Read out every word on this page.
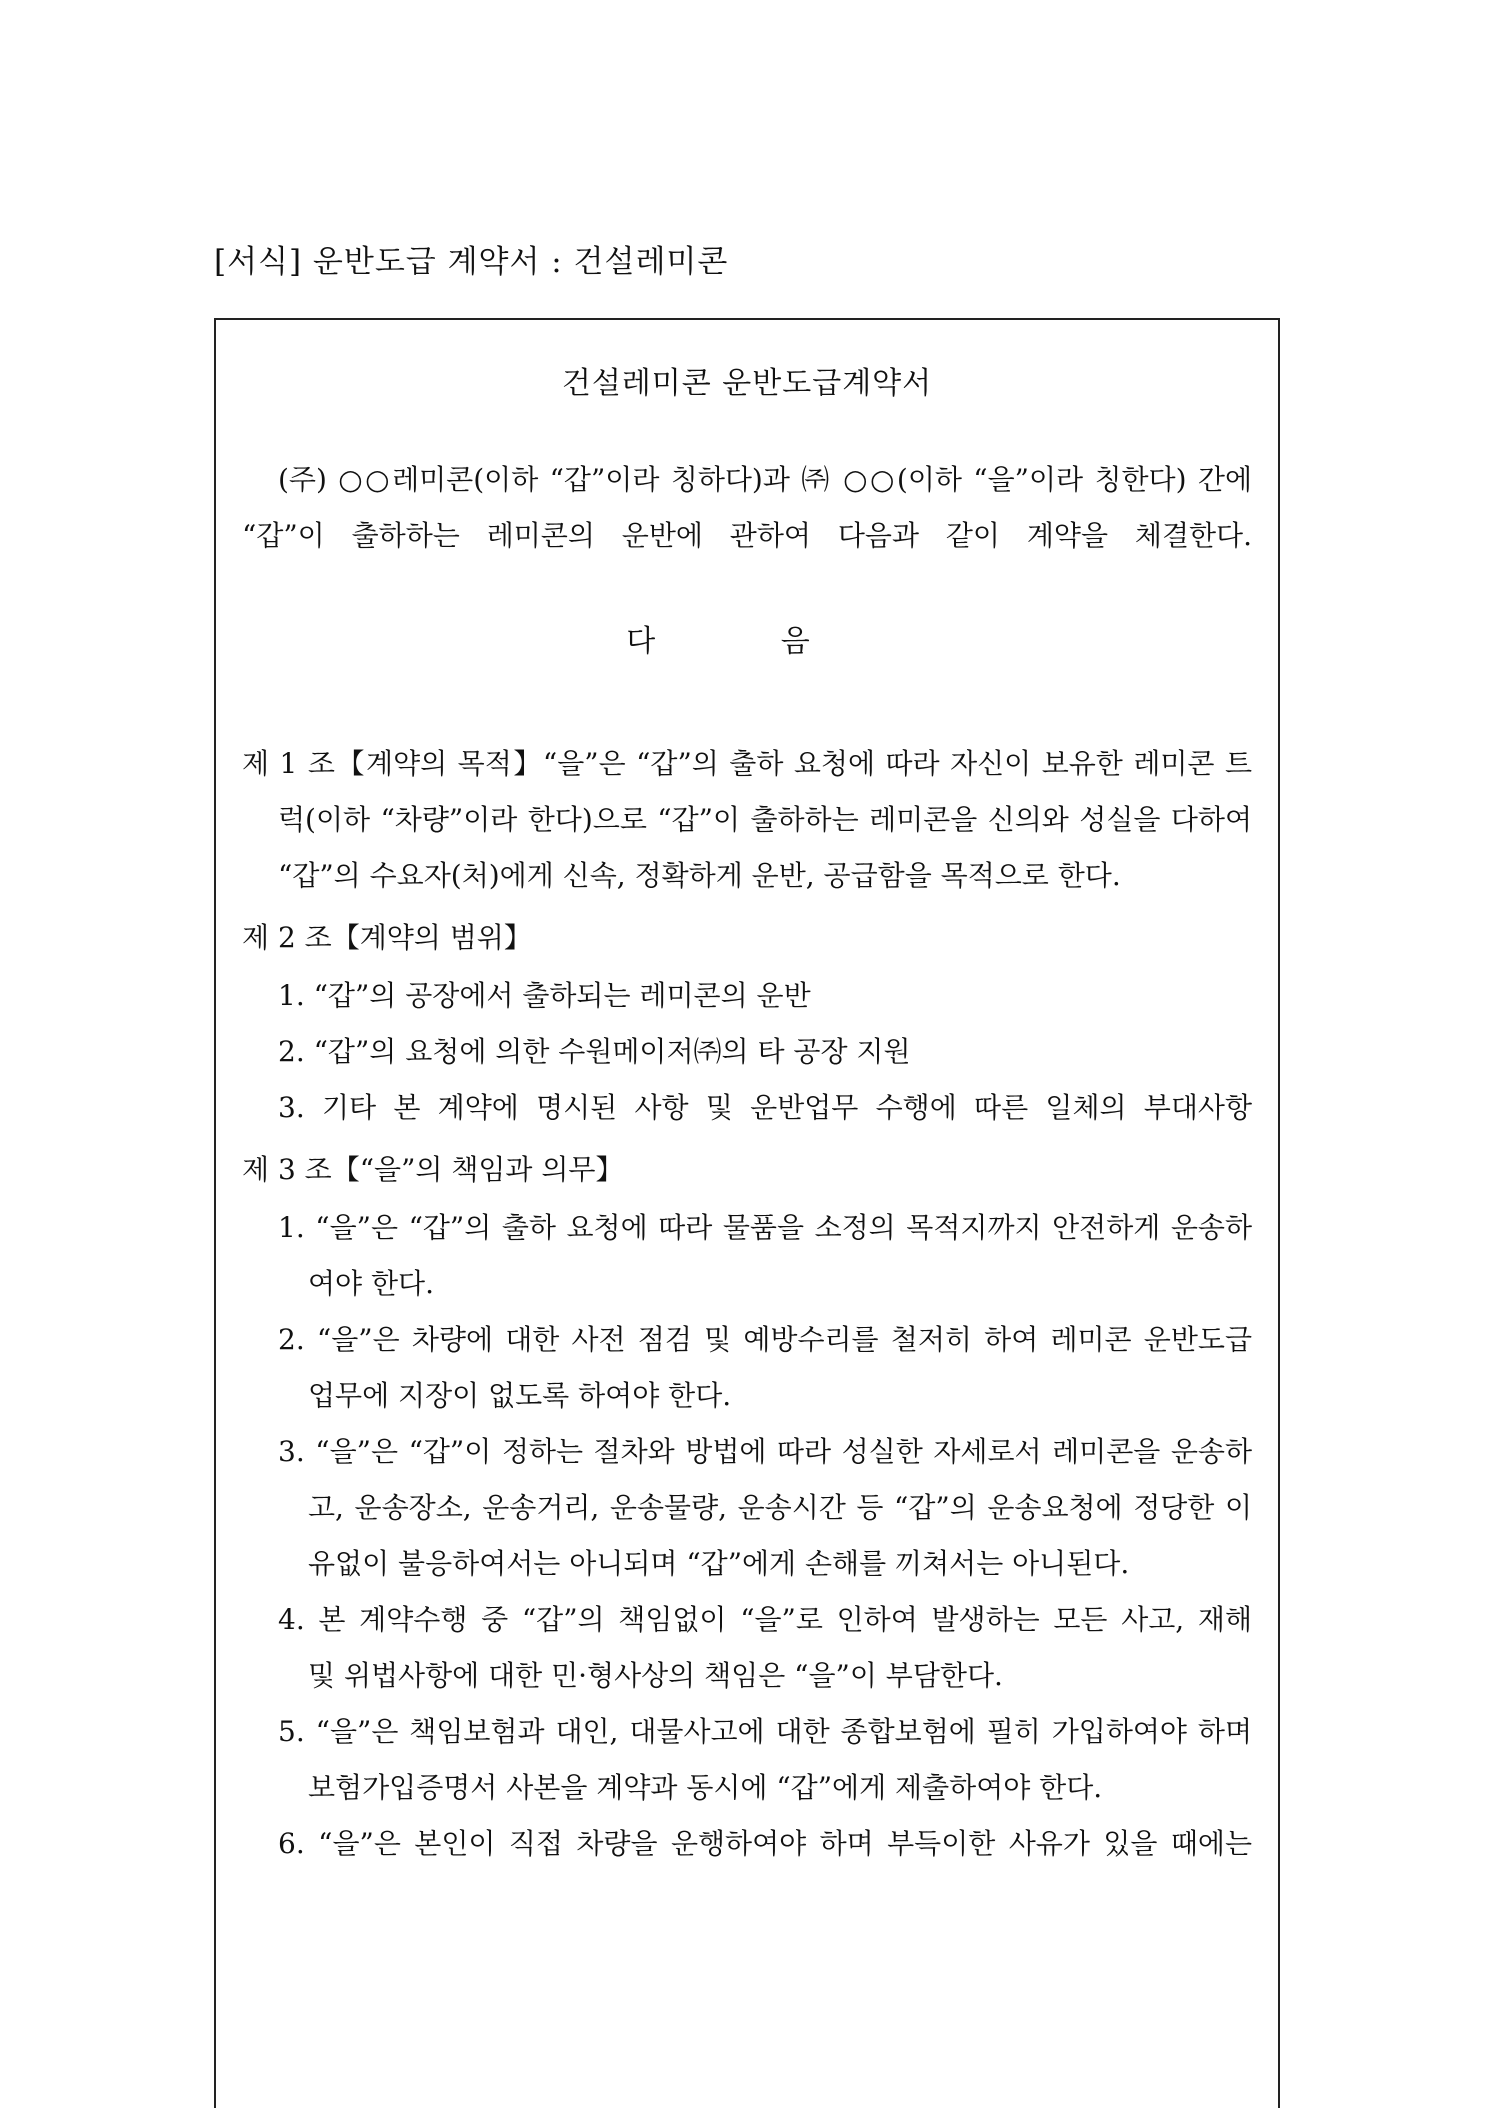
[서식] 운반도급 계약서 : 건설레미콘
건설레미콘 운반도급계약서
(주) ○○레미콘(이하 “갑”이라 칭하다)과 ㈜ ○○(이하 “을”이라 칭한다) 간에
“갑”이 출하하는 레미콘의 운반에 관하여 다음과 같이 계약을 체결한다.
다 음
제 1 조【계약의 목적】“을”은 “갑”의 출하 요청에 따라 자신이 보유한 레미콘 트
럭(이하 “차량”이라 한다)으로 “갑”이 출하하는 레미콘을 신의와 성실을 다하여
“갑”의 수요자(처)에게 신속, 정확하게 운반, 공급함을 목적으로 한다.
제 2 조【계약의 범위】
1. “갑”의 공장에서 출하되는 레미콘의 운반
2. “갑”의 요청에 의한 수원메이저㈜의 타 공장 지원
3. 기타 본 계약에 명시된 사항 및 운반업무 수행에 따른 일체의 부대사항
제 3 조【“을”의 책임과 의무】
1. “을”은 “갑”의 출하 요청에 따라 물품을 소정의 목적지까지 안전하게 운송하
여야 한다.
2. “을”은 차량에 대한 사전 점검 및 예방수리를 철저히 하여 레미콘 운반도급
업무에 지장이 없도록 하여야 한다.
3. “을”은 “갑”이 정하는 절차와 방법에 따라 성실한 자세로서 레미콘을 운송하
고, 운송장소, 운송거리, 운송물량, 운송시간 등 “갑”의 운송요청에 정당한 이
유없이 불응하여서는 아니되며 “갑”에게 손해를 끼쳐서는 아니된다.
4. 본 계약수행 중 “갑”의 책임없이 “을”로 인하여 발생하는 모든 사고, 재해
및 위법사항에 대한 민·형사상의 책임은 “을”이 부담한다.
5. “을”은 책임보험과 대인, 대물사고에 대한 종합보험에 필히 가입하여야 하며
보험가입증명서 사본을 계약과 동시에 “갑”에게 제출하여야 한다.
6. “을”은 본인이 직접 차량을 운행하여야 하며 부득이한 사유가 있을 때에는
